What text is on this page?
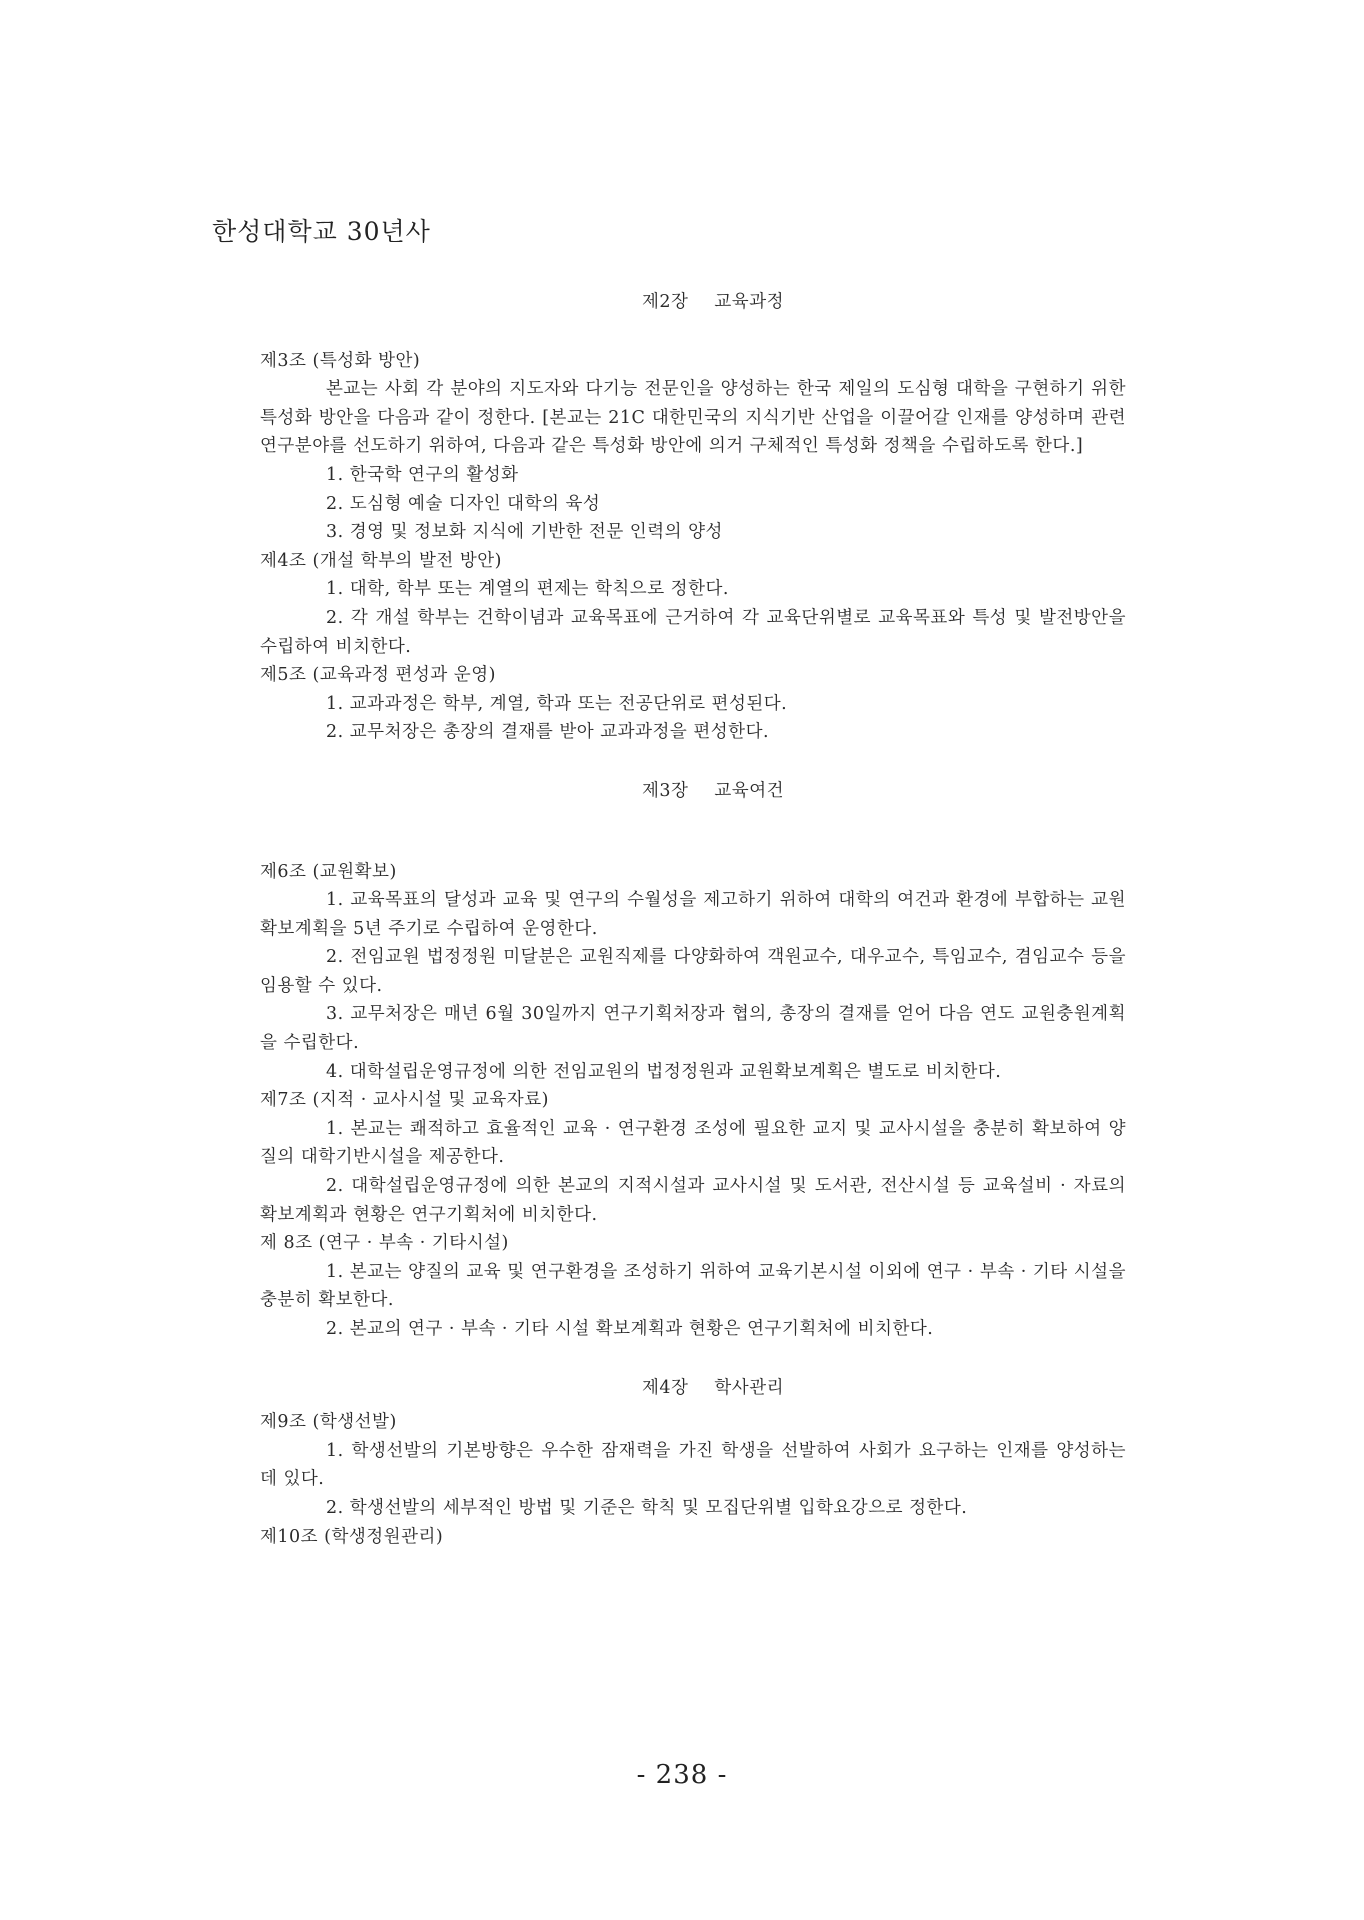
한성대학교 30년사
제2장 교육과정

제3조 (특성화 방안)

본교는 사회 각 분야의 지도자와 다기능 전문인을 양성하는 한국 제일의 도심형 대학을 구현하기 위한 특성화 방안을 다음과 같이 정한다. [본교는 21C 대한민국의 지식기반 산업을 이끌어갈 인재를 양성하며 관련 연구분야를 선도하기 위하여, 다음과 같은 특성화 방안에 의거 구체적인 특성화 정책을 수립하도록 한다.]

1. 한국학 연구의 활성화

2. 도심형 예술 디자인 대학의 육성

3. 경영 및 정보화 지식에 기반한 전문 인력의 양성

제4조 (개설 학부의 발전 방안)

1. 대학, 학부 또는 계열의 편제는 학칙으로 정한다.

2. 각 개설 학부는 건학이념과 교육목표에 근거하여 각 교육단위별로 교육목표와 특성 및 발전방안을 수립하여 비치한다.

제5조 (교육과정 편성과 운영)

1. 교과과정은 학부, 계열, 학과 또는 전공단위로 편성된다.

2. 교무처장은 총장의 결재를 받아 교과과정을 편성한다.

제3장 교육여건

제6조 (교원확보)

1. 교육목표의 달성과 교육 및 연구의 수월성을 제고하기 위하여 대학의 여건과 환경에 부합하는 교원확보계획을 5년 주기로 수립하여 운영한다.

2. 전임교원 법정정원 미달분은 교원직제를 다양화하여 객원교수, 대우교수, 특임교수, 겸임교수 등을 임용할 수 있다.

3. 교무처장은 매년 6월 30일까지 연구기획처장과 협의, 총장의 결재를 얻어 다음 연도 교원충원계획을 수립한다.

4. 대학설립운영규정에 의한 전임교원의 법정정원과 교원확보계획은 별도로 비치한다.

제7조 (지적 · 교사시설 및 교육자료)

1. 본교는 쾌적하고 효율적인 교육 · 연구환경 조성에 필요한 교지 및 교사시설을 충분히 확보하여 양질의 대학기반시설을 제공한다.

2. 대학설립운영규정에 의한 본교의 지적시설과 교사시설 및 도서관, 전산시설 등 교육설비 · 자료의 확보계획과 현황은 연구기획처에 비치한다.

제 8조 (연구 · 부속 · 기타시설)

1. 본교는 양질의 교육 및 연구환경을 조성하기 위하여 교육기본시설 이외에 연구 · 부속 · 기타 시설을 충분히 확보한다.

2. 본교의 연구 · 부속 · 기타 시설 확보계획과 현황은 연구기획처에 비치한다.

제4장 학사관리

제9조 (학생선발)

1. 학생선발의 기본방향은 우수한 잠재력을 가진 학생을 선발하여 사회가 요구하는 인재를 양성하는 데 있다.

2. 학생선발의 세부적인 방법 및 기준은 학칙 및 모집단위별 입학요강으로 정한다.

제10조 (학생정원관리)

- 238 -
